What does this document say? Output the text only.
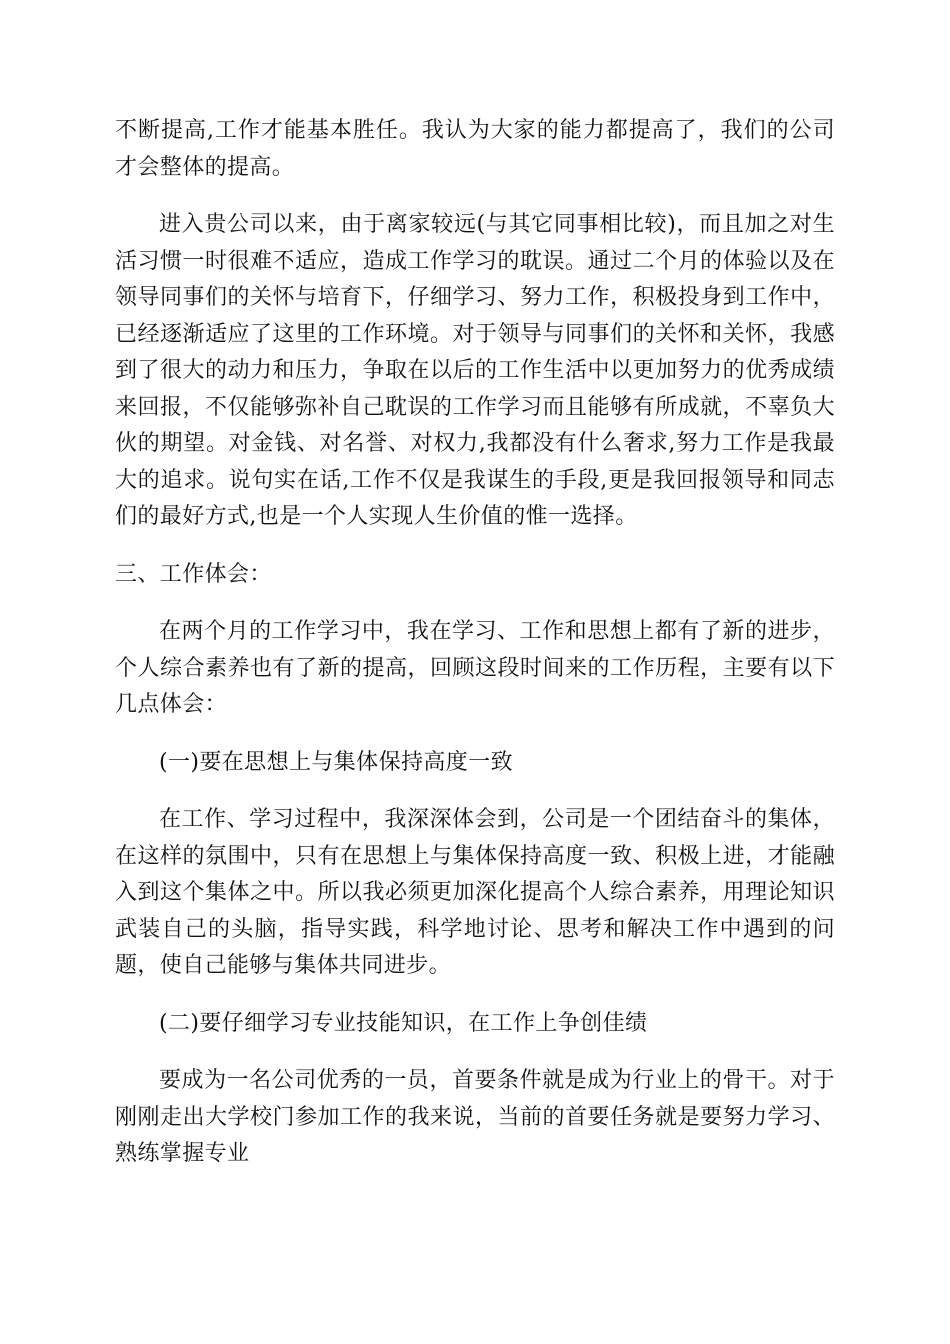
不断提高,工作才能基本胜任。我认为大家的能力都提高了，我们的公司才会整体的提高。

进入贵公司以来，由于离家较远(与其它同事相比较)，而且加之对生活习惯一时很难不适应，造成工作学习的耽误。通过二个月的体验以及在领导同事们的关怀与培育下，仔细学习、努力工作，积极投身到工作中，已经逐渐适应了这里的工作环境。对于领导与同事们的关怀和关怀，我感到了很大的动力和压力，争取在以后的工作生活中以更加努力的优秀成绩来回报，不仅能够弥补自己耽误的工作学习而且能够有所成就，不辜负大伙的期望。对金钱、对名誉、对权力,我都没有什么奢求,努力工作是我最大的追求。说句实在话,工作不仅是我谋生的手段,更是我回报领导和同志们的最好方式,也是一个人实现人生价值的惟一选择。

三、工作体会：

在两个月的工作学习中，我在学习、工作和思想上都有了新的进步，个人综合素养也有了新的提高，回顾这段时间来的工作历程，主要有以下几点体会：

(一)要在思想上与集体保持高度一致

在工作、学习过程中，我深深体会到，公司是一个团结奋斗的集体，在这样的氛围中，只有在思想上与集体保持高度一致、积极上进，才能融入到这个集体之中。所以我必须更加深化提高个人综合素养，用理论知识武装自己的头脑，指导实践，科学地讨论、思考和解决工作中遇到的问题，使自己能够与集体共同进步。

(二)要仔细学习专业技能知识，在工作上争创佳绩

要成为一名公司优秀的一员，首要条件就是成为行业上的骨干。对于刚刚走出大学校门参加工作的我来说，当前的首要任务就是要努力学习、熟练掌握专业
